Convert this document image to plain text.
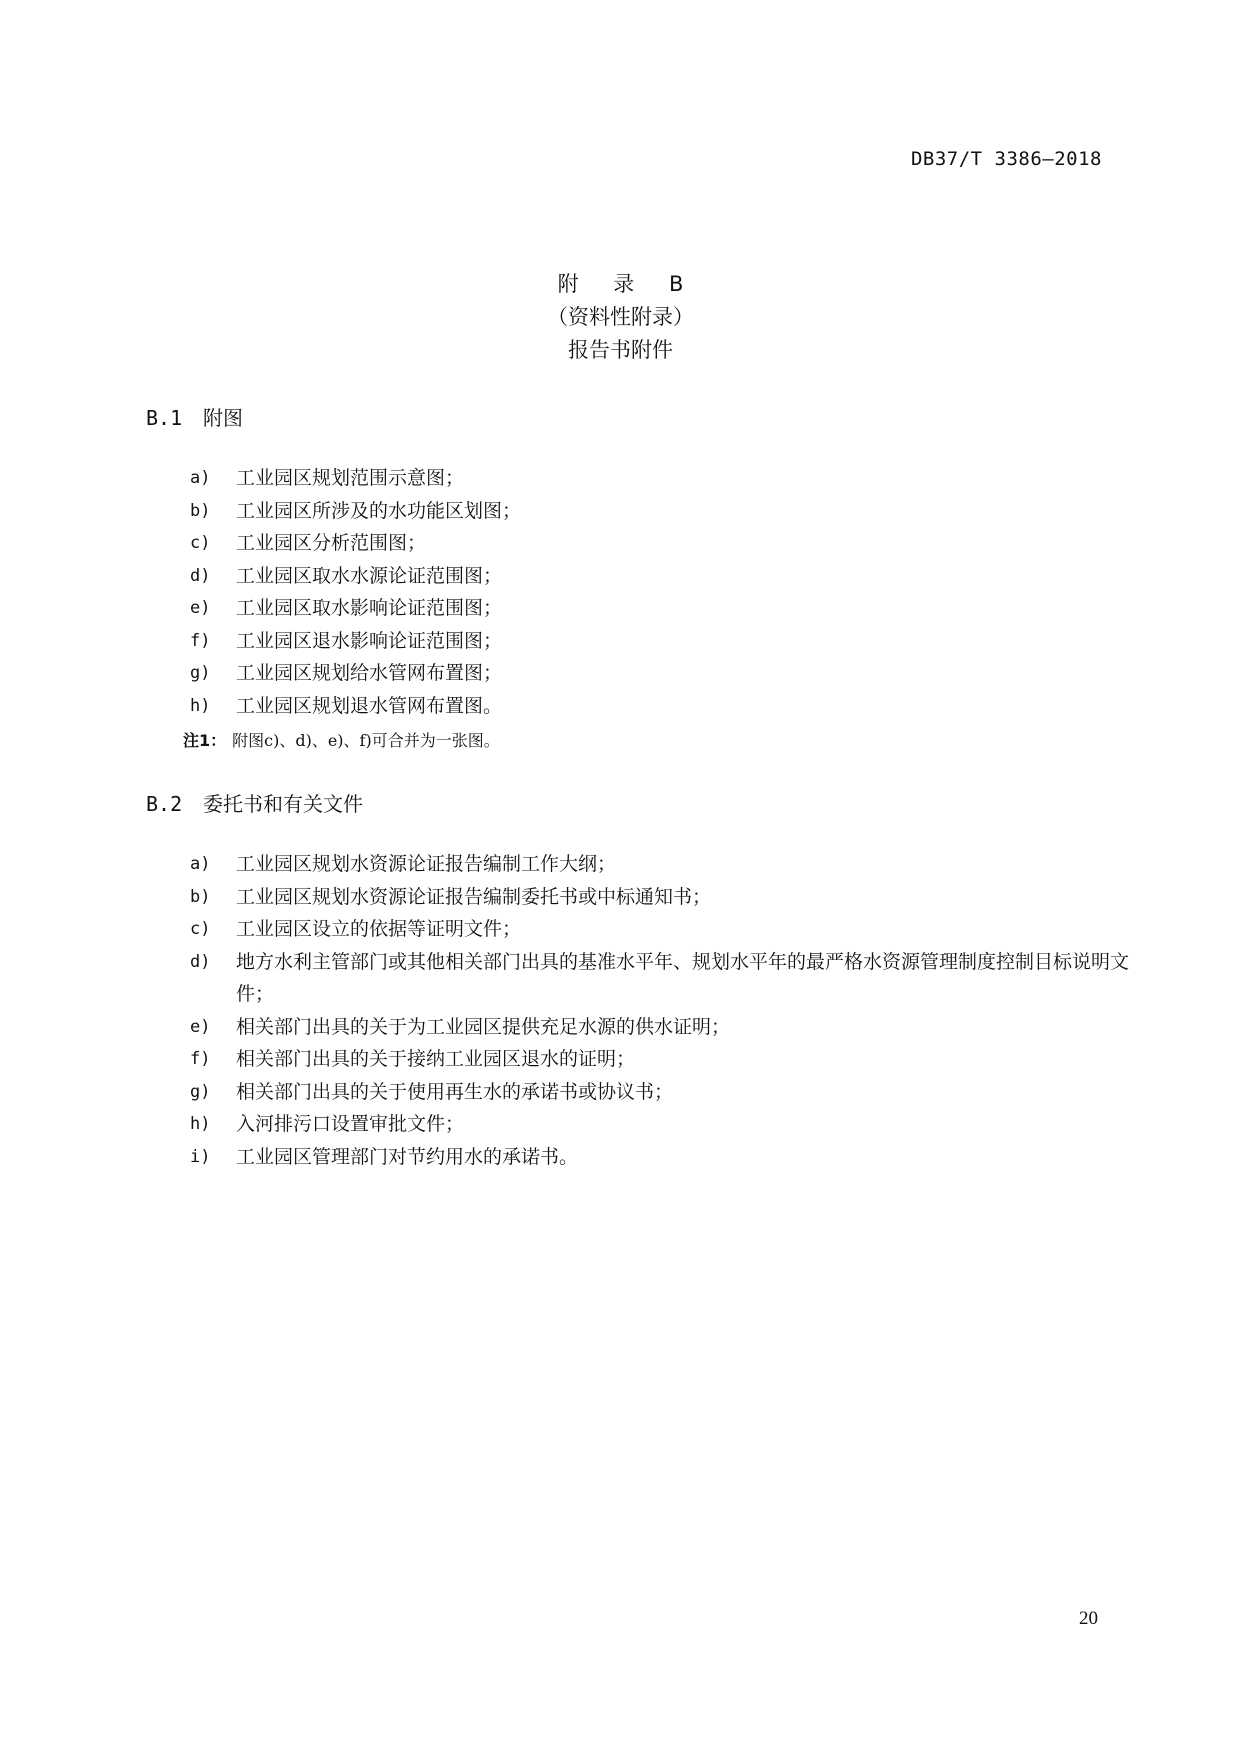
DB37/T 3386—2018
附 录 B
（资料性附录）
报告书附件
B.1 附图
a)	工业园区规划范围示意图；
b)	工业园区所涉及的水功能区划图；
c)	工业园区分析范围图；
d)	工业园区取水水源论证范围图；
e)	工业园区取水影响论证范围图；
f)	工业园区退水影响论证范围图；
g)	工业园区规划给水管网布置图；
h)	工业园区规划退水管网布置图。
注1： 附图c)、d)、e)、f)可合并为一张图。
B.2 委托书和有关文件
a)	工业园区规划水资源论证报告编制工作大纲；
b)	工业园区规划水资源论证报告编制委托书或中标通知书；
c)	工业园区设立的依据等证明文件；
d)	地方水利主管部门或其他相关部门出具的基准水平年、规划水平年的最严格水资源管理制度控制目标说明文件；
e)	相关部门出具的关于为工业园区提供充足水源的供水证明；
f)	相关部门出具的关于接纳工业园区退水的证明；
g)	相关部门出具的关于使用再生水的承诺书或协议书；
h)	入河排污口设置审批文件；
i)	工业园区管理部门对节约用水的承诺书。
20
